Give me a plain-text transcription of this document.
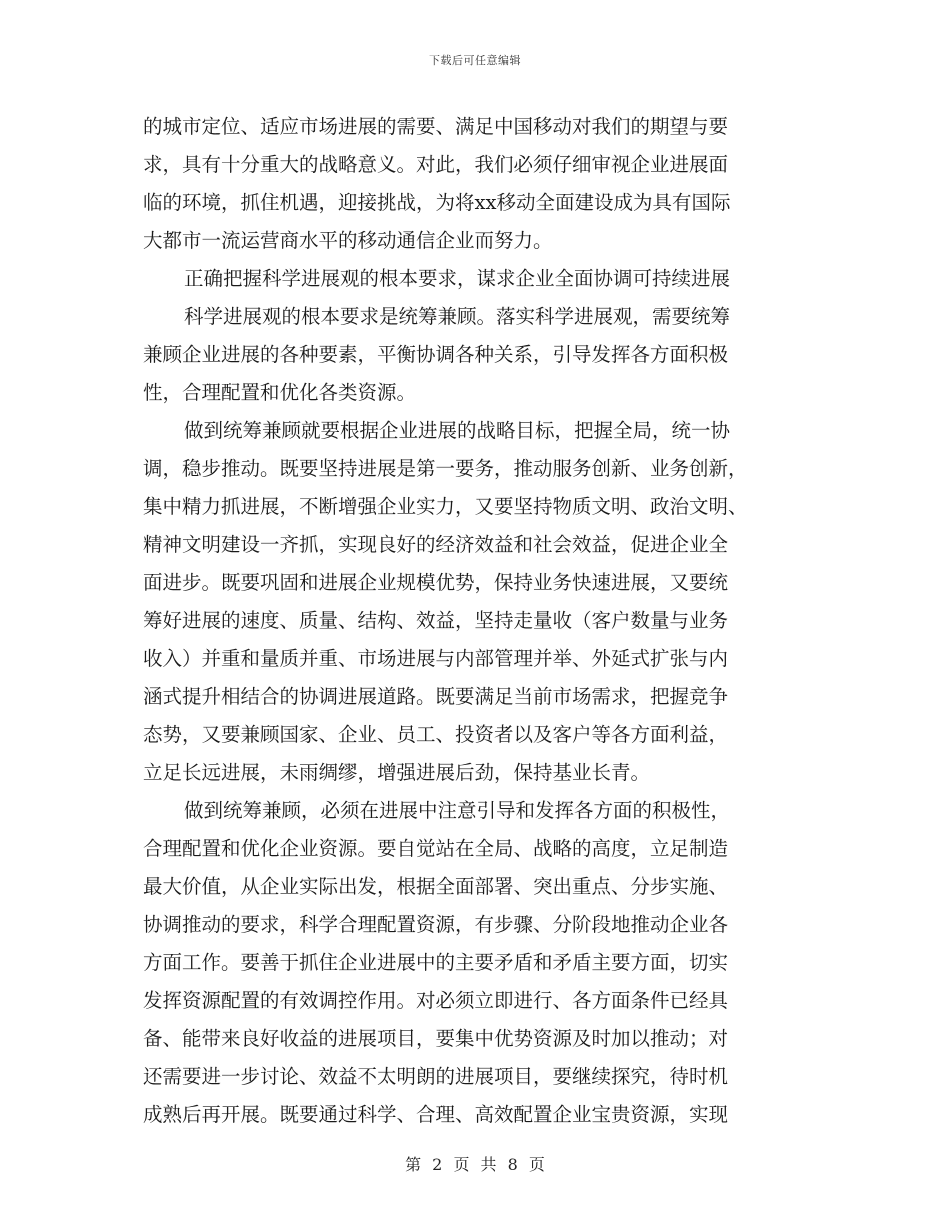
下载后可任意编辑
的城市定位、适应市场进展的需要、满足中国移动对我们的期望与要
求，具有十分重大的战略意义。对此，我们必须仔细审视企业进展面
临的环境，抓住机遇，迎接挑战，为将xx移动全面建设成为具有国际
大都市一流运营商水平的移动通信企业而努力。
正确把握科学进展观的根本要求，谋求企业全面协调可持续进展
科学进展观的根本要求是统筹兼顾。落实科学进展观，需要统筹
兼顾企业进展的各种要素，平衡协调各种关系，引导发挥各方面积极
性，合理配置和优化各类资源。
做到统筹兼顾就要根据企业进展的战略目标，把握全局，统一协
调，稳步推动。既要坚持进展是第一要务，推动服务创新、业务创新，
集中精力抓进展，不断增强企业实力，又要坚持物质文明、政治文明、
精神文明建设一齐抓，实现良好的经济效益和社会效益，促进企业全
面进步。既要巩固和进展企业规模优势，保持业务快速进展，又要统
筹好进展的速度、质量、结构、效益，坚持走量收（客户数量与业务
收入）并重和量质并重、市场进展与内部管理并举、外延式扩张与内
涵式提升相结合的协调进展道路。既要满足当前市场需求，把握竞争
态势，又要兼顾国家、企业、员工、投资者以及客户等各方面利益，
立足长远进展，未雨绸缪，增强进展后劲，保持基业长青。
做到统筹兼顾，必须在进展中注意引导和发挥各方面的积极性，
合理配置和优化企业资源。要自觉站在全局、战略的高度，立足制造
最大价值，从企业实际出发，根据全面部署、突出重点、分步实施、
协调推动的要求，科学合理配置资源，有步骤、分阶段地推动企业各
方面工作。要善于抓住企业进展中的主要矛盾和矛盾主要方面，切实
发挥资源配置的有效调控作用。对必须立即进行、各方面条件已经具
备、能带来良好收益的进展项目，要集中优势资源及时加以推动；对
还需要进一步讨论、效益不太明朗的进展项目，要继续探究，待时机
成熟后再开展。既要通过科学、合理、高效配置企业宝贵资源，实现
第 2 页 共 8 页
